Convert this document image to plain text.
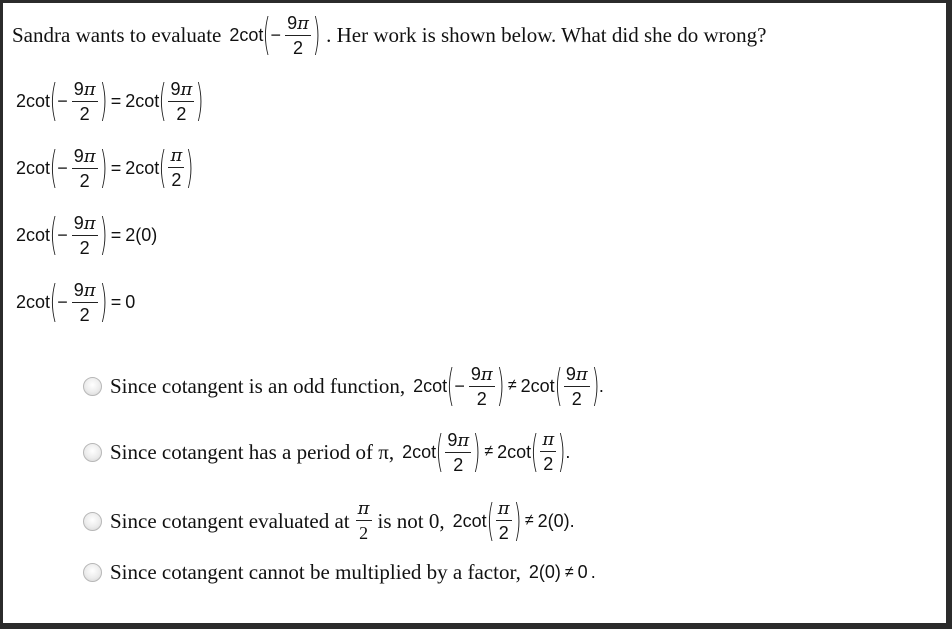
Sandra wants to evaluate 2 cot ( − $\frac{9\pi}{2}$ ) . Her work is shown below. What did she do wrong?
2 cot ( − $\frac{9\pi}{2}$ ) = 2 cot ( $\frac{9\pi}{2}$ )
2 cot ( − $\frac{9\pi}{2}$ ) = 2 cot ( $\frac{\pi}{2}$ )
2 cot ( − $\frac{9\pi}{2}$ ) = 2 ( 0 )
2 cot ( − $\frac{9\pi}{2}$ ) = 0
Since cotangent is an odd function, 2 cot ( − $\frac{9\pi}{2}$ ) ≠ 2 cot ( $\frac{9\pi}{2}$ ) .
Since cotangent has a period of π, 2 cot ( $\frac{9\pi}{2}$ ) ≠ 2 cot ( $\frac{\pi}{2}$ ) .
Since cotangent evaluated at $\frac{\pi}{2}$ is not 0, 2 cot ( $\frac{\pi}{2}$ ) ≠ 2 ( 0 ) .
Since cotangent cannot be multiplied by a factor, 2 ( 0 ) ≠ 0 .
